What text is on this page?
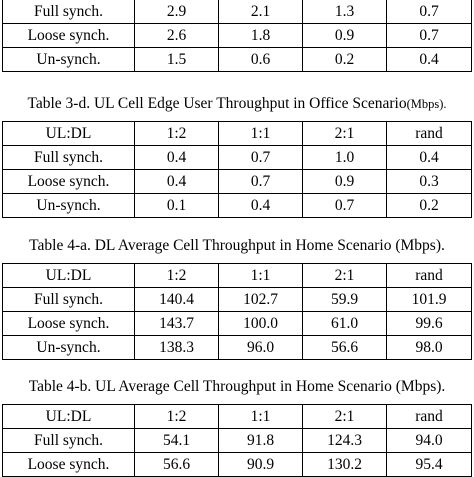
Full synch.	2.9	2.1	1.3	0.7
Loose synch.	2.6	1.8	0.9	0.7
Un-synch.	1.5	0.6	0.2	0.4
Table 3-d. UL Cell Edge User Throughput in Office Scenario(Mbps).
UL:DL	1:2	1:1	2:1	rand
Full synch.	0.4	0.7	1.0	0.4
Loose synch.	0.4	0.7	0.9	0.3
Un-synch.	0.1	0.4	0.7	0.2
Table 4-a. DL Average Cell Throughput in Home Scenario (Mbps).
UL:DL	1:2	1:1	2:1	rand
Full synch.	140.4	102.7	59.9	101.9
Loose synch.	143.7	100.0	61.0	99.6
Un-synch.	138.3	96.0	56.6	98.0
Table 4-b. UL Average Cell Throughput in Home Scenario (Mbps).
UL:DL	1:2	1:1	2:1	rand
Full synch.	54.1	91.8	124.3	94.0
Loose synch.	56.6	90.9	130.2	95.4
